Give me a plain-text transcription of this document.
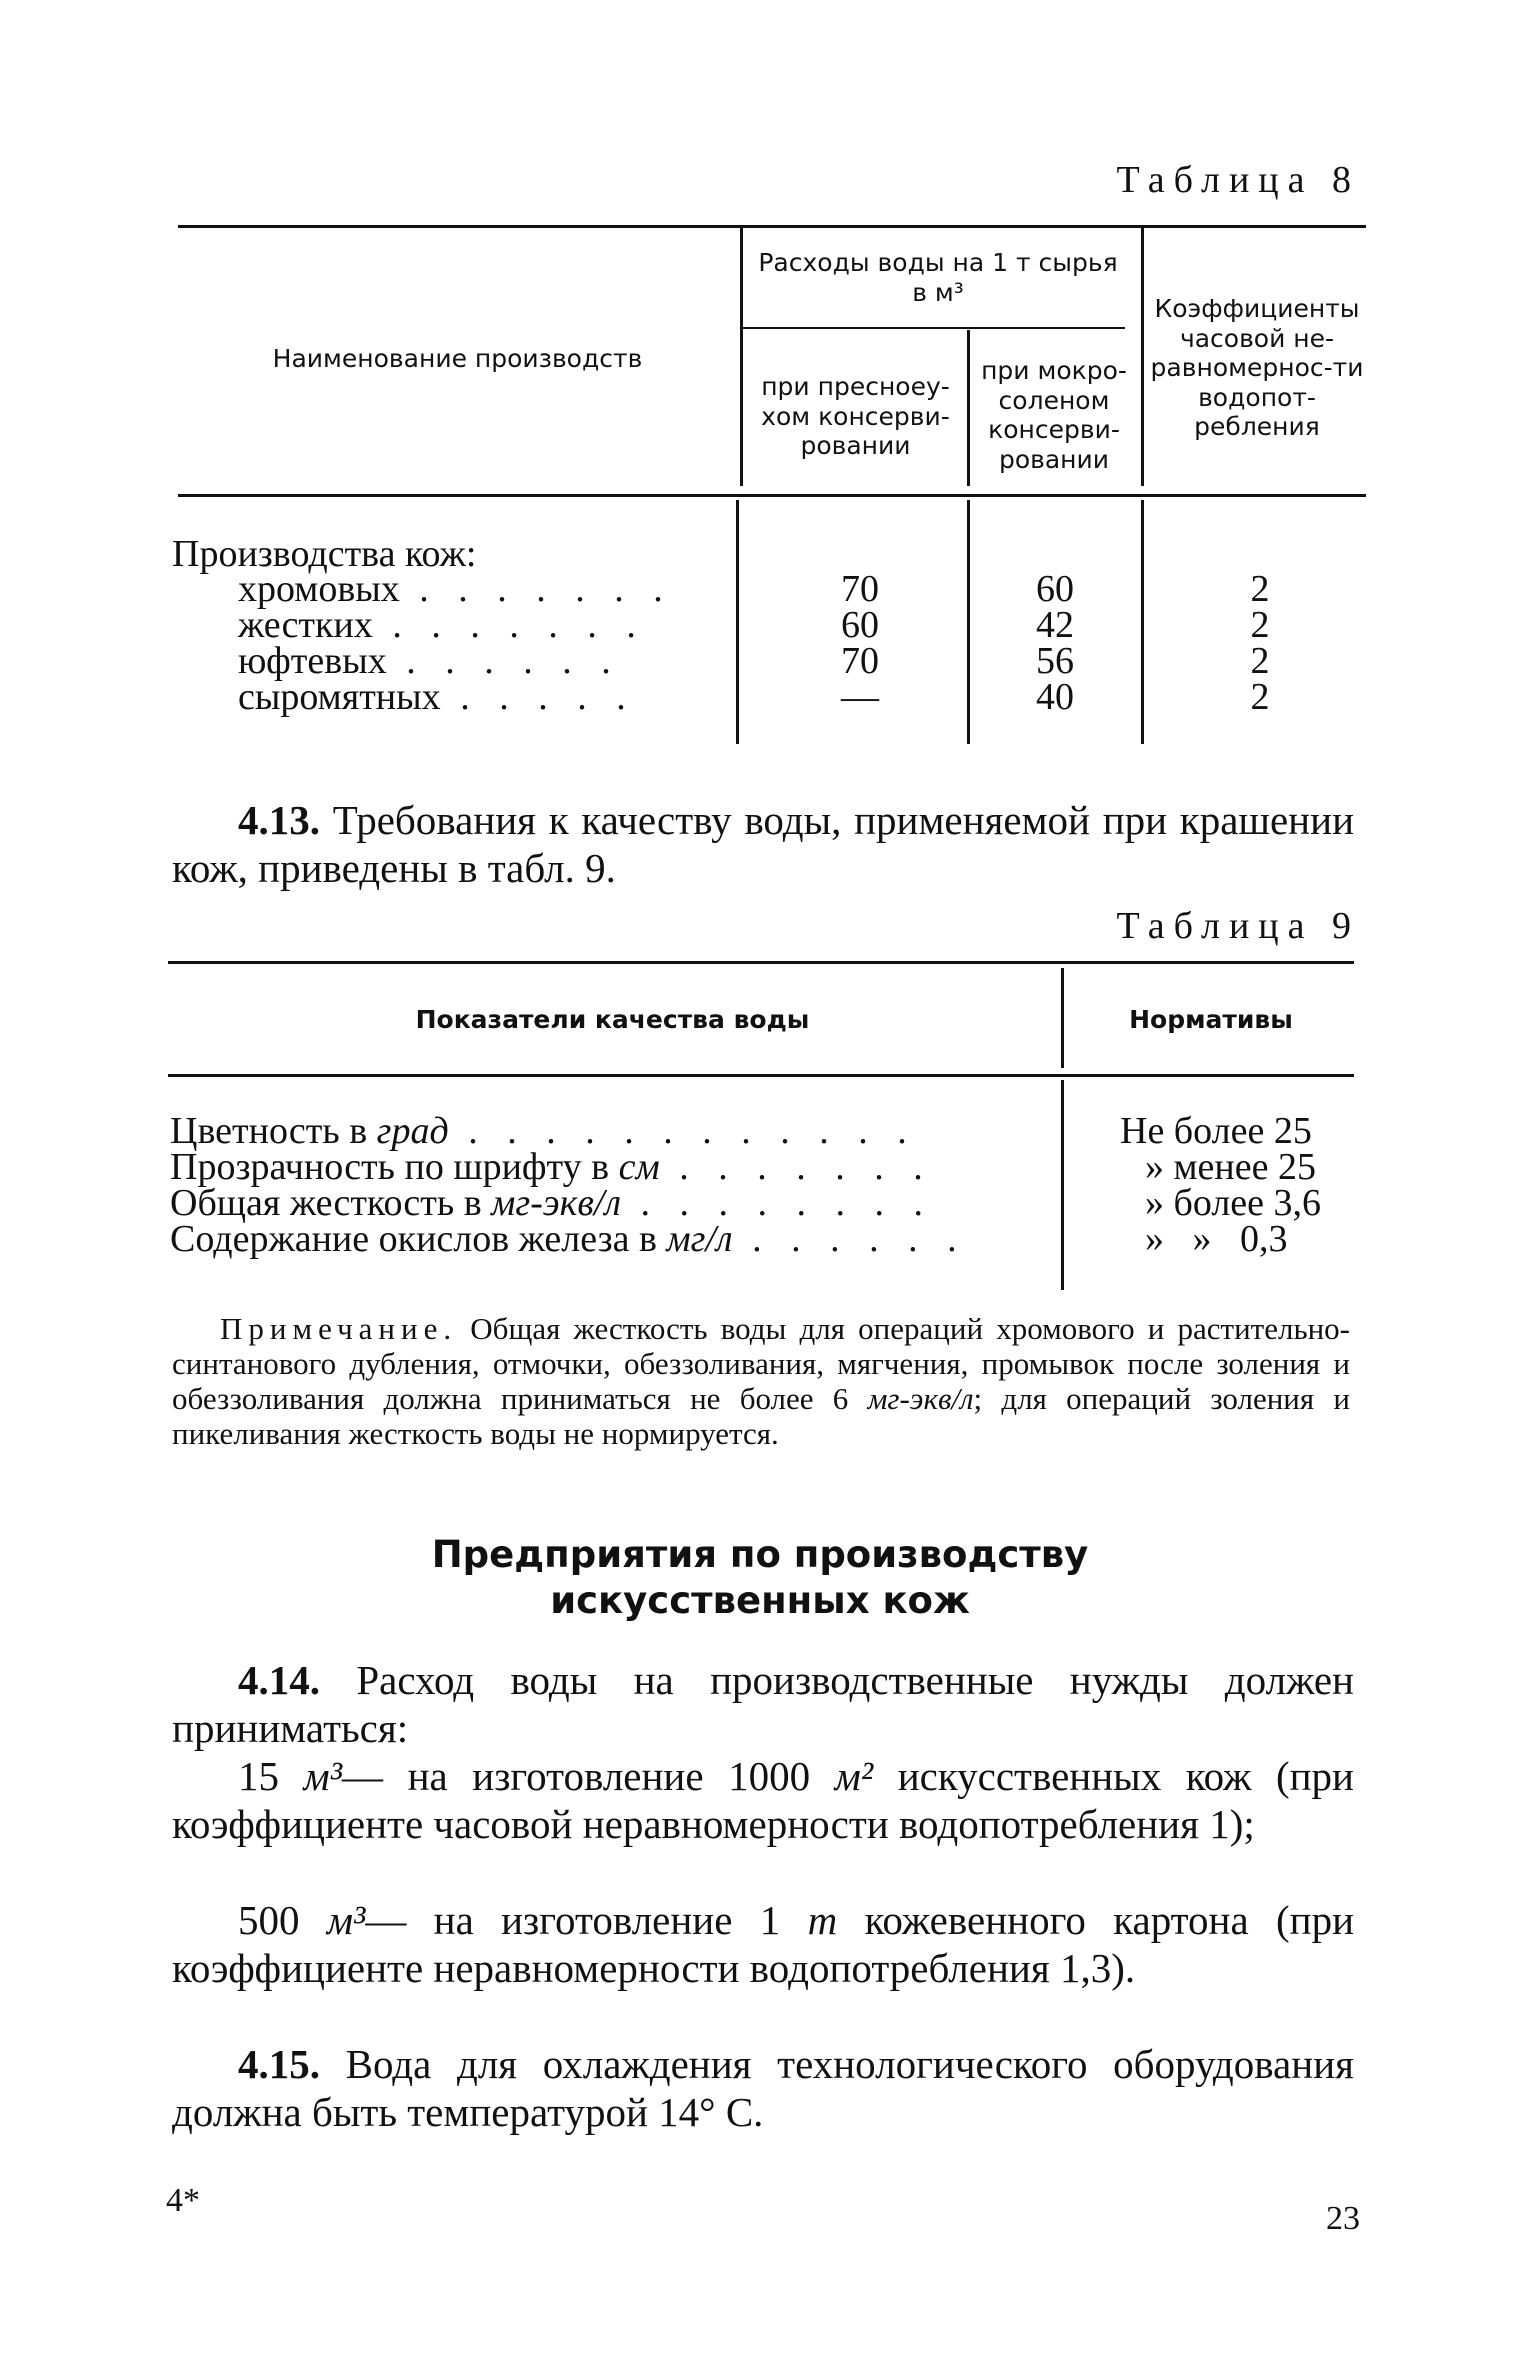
Таблица 8
Наименование производств
Расходы воды на 1 т сырья в м³
при пресноеу-хом консерви-ровании
при мокро-соленом консерви-ровании
Коэффициенты часовой не-равномернос-ти водопот-ребления
Производства кож:
хромовых . . . . . . .	70	60	2
жестких . . . . . . .	60	42	2
юфтевых . . . . . .	70	56	2
сыромятных . . . . .	—	40	2
4.13. Требования к качеству воды, применяемой при крашении кож, приведены в табл. 9.
Таблица 9
Показатели качества воды	Нормативы
Цветность в град . . . . . . . . . . . .	Не более 25
Прозрачность по шрифту в см . . . . . . .	» менее 25
Общая жесткость в мг-экв/л . . . . . . . .	» более 3,6
Содержание окислов железа в мг/л . . . . . .	»   »   0,3
Примечание. Общая жесткость воды для операций хромового и растительно-синтанового дубления, отмочки, обеззоливания, мягчения, промывок после золения и обеззоливания должна приниматься не более 6 мг-экв/л; для операций золения и пикеливания жесткость воды не нормируется.
Предприятия по производству
искусственных кож
4.14. Расход воды на производственные нужды должен приниматься:
15 м³— на изготовление 1000 м² искусственных кож (при коэффициенте часовой неравномерности водопотребления 1);
500 м³— на изготовление 1 т кожевенного картона (при коэффициенте неравномерности водопотребления 1,3).
4.15. Вода для охлаждения технологического оборудования должна быть температурой 14° С.
4*	23
